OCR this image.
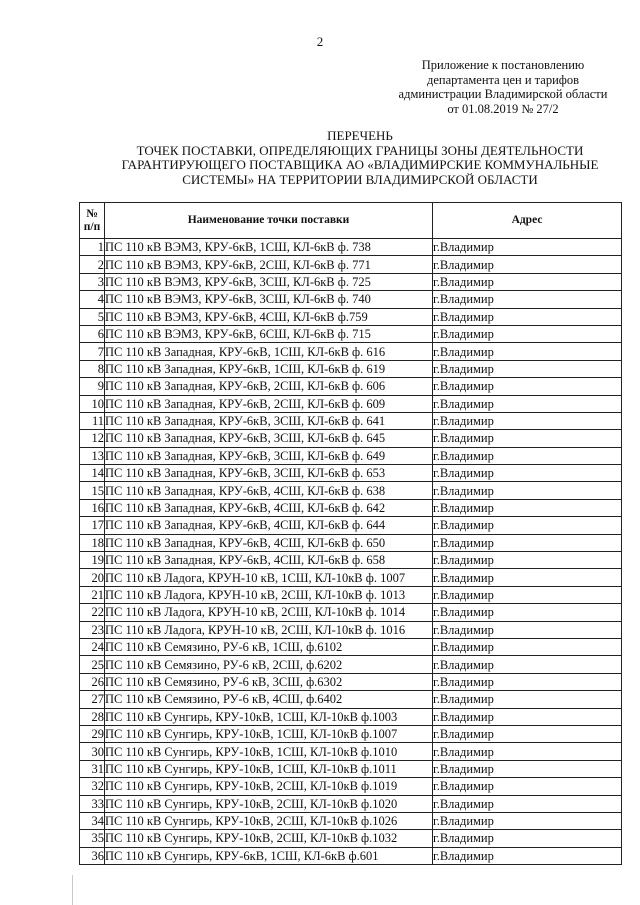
2
Приложение к постановлению
департамента цен и тарифов
администрации Владимирской области
от 01.08.2019 № 27/2
ПЕРЕЧЕНЬ
ТОЧЕК ПОСТАВКИ, ОПРЕДЕЛЯЮЩИХ ГРАНИЦЫ ЗОНЫ ДЕЯТЕЛЬНОСТИ
ГАРАНТИРУЮЩЕГО ПОСТАВЩИКА АО «ВЛАДИМИРСКИЕ КОММУНАЛЬНЫЕ
СИСТЕМЫ» НА ТЕРРИТОРИИ ВЛАДИМИРСКОЙ ОБЛАСТИ
№
п/п	Наименование точки поставки	Адрес
1	ПС 110 кВ ВЭМЗ, КРУ-6кВ, 1СШ, КЛ-6кВ ф. 738	г.Владимир
2	ПС 110 кВ ВЭМЗ, КРУ-6кВ, 2СШ, КЛ-6кВ ф. 771	г.Владимир
3	ПС 110 кВ ВЭМЗ, КРУ-6кВ, 3СШ, КЛ-6кВ ф. 725	г.Владимир
4	ПС 110 кВ ВЭМЗ, КРУ-6кВ, 3СШ, КЛ-6кВ ф. 740	г.Владимир
5	ПС 110 кВ ВЭМЗ, КРУ-6кВ, 4СШ, КЛ-6кВ ф.759	г.Владимир
6	ПС 110 кВ ВЭМЗ, КРУ-6кВ, 6СШ, КЛ-6кВ ф. 715	г.Владимир
7	ПС 110 кВ Западная, КРУ-6кВ, 1СШ, КЛ-6кВ ф. 616	г.Владимир
8	ПС 110 кВ Западная, КРУ-6кВ, 1СШ, КЛ-6кВ ф. 619	г.Владимир
9	ПС 110 кВ Западная, КРУ-6кВ, 2СШ, КЛ-6кВ ф. 606	г.Владимир
10	ПС 110 кВ Западная, КРУ-6кВ, 2СШ, КЛ-6кВ ф. 609	г.Владимир
11	ПС 110 кВ Западная, КРУ-6кВ, 3СШ, КЛ-6кВ ф. 641	г.Владимир
12	ПС 110 кВ Западная, КРУ-6кВ, 3СШ, КЛ-6кВ ф. 645	г.Владимир
13	ПС 110 кВ Западная, КРУ-6кВ, 3СШ, КЛ-6кВ ф. 649	г.Владимир
14	ПС 110 кВ Западная, КРУ-6кВ, 3СШ, КЛ-6кВ ф. 653	г.Владимир
15	ПС 110 кВ Западная, КРУ-6кВ, 4СШ, КЛ-6кВ ф. 638	г.Владимир
16	ПС 110 кВ Западная, КРУ-6кВ, 4СШ, КЛ-6кВ ф. 642	г.Владимир
17	ПС 110 кВ Западная, КРУ-6кВ, 4СШ, КЛ-6кВ ф. 644	г.Владимир
18	ПС 110 кВ Западная, КРУ-6кВ, 4СШ, КЛ-6кВ ф. 650	г.Владимир
19	ПС 110 кВ Западная, КРУ-6кВ, 4СШ, КЛ-6кВ ф. 658	г.Владимир
20	ПС 110 кВ Ладога, КРУН-10 кВ, 1СШ, КЛ-10кВ ф. 1007	г.Владимир
21	ПС 110 кВ Ладога, КРУН-10 кВ, 2СШ, КЛ-10кВ ф. 1013	г.Владимир
22	ПС 110 кВ Ладога, КРУН-10 кВ, 2СШ, КЛ-10кВ ф. 1014	г.Владимир
23	ПС 110 кВ Ладога, КРУН-10 кВ, 2СШ, КЛ-10кВ ф. 1016	г.Владимир
24	ПС 110 кВ Семязино, РУ-6 кВ, 1СШ, ф.6102	г.Владимир
25	ПС 110 кВ Семязино, РУ-6 кВ, 2СШ, ф.6202	г.Владимир
26	ПС 110 кВ Семязино, РУ-6 кВ, 3СШ, ф.6302	г.Владимир
27	ПС 110 кВ Семязино, РУ-6 кВ, 4СШ, ф.6402	г.Владимир
28	ПС 110 кВ Сунгирь, КРУ-10кВ, 1СШ, КЛ-10кВ ф.1003	г.Владимир
29	ПС 110 кВ Сунгирь, КРУ-10кВ, 1СШ, КЛ-10кВ ф.1007	г.Владимир
30	ПС 110 кВ Сунгирь, КРУ-10кВ, 1СШ, КЛ-10кВ ф.1010	г.Владимир
31	ПС 110 кВ Сунгирь, КРУ-10кВ, 1СШ, КЛ-10кВ ф.1011	г.Владимир
32	ПС 110 кВ Сунгирь, КРУ-10кВ, 2СШ, КЛ-10кВ ф.1019	г.Владимир
33	ПС 110 кВ Сунгирь, КРУ-10кВ, 2СШ, КЛ-10кВ ф.1020	г.Владимир
34	ПС 110 кВ Сунгирь, КРУ-10кВ, 2СШ, КЛ-10кВ ф.1026	г.Владимир
35	ПС 110 кВ Сунгирь, КРУ-10кВ, 2СШ, КЛ-10кВ ф.1032	г.Владимир
36	ПС 110 кВ Сунгирь, КРУ-6кВ, 1СШ, КЛ-6кВ ф.601	г.Владимир
